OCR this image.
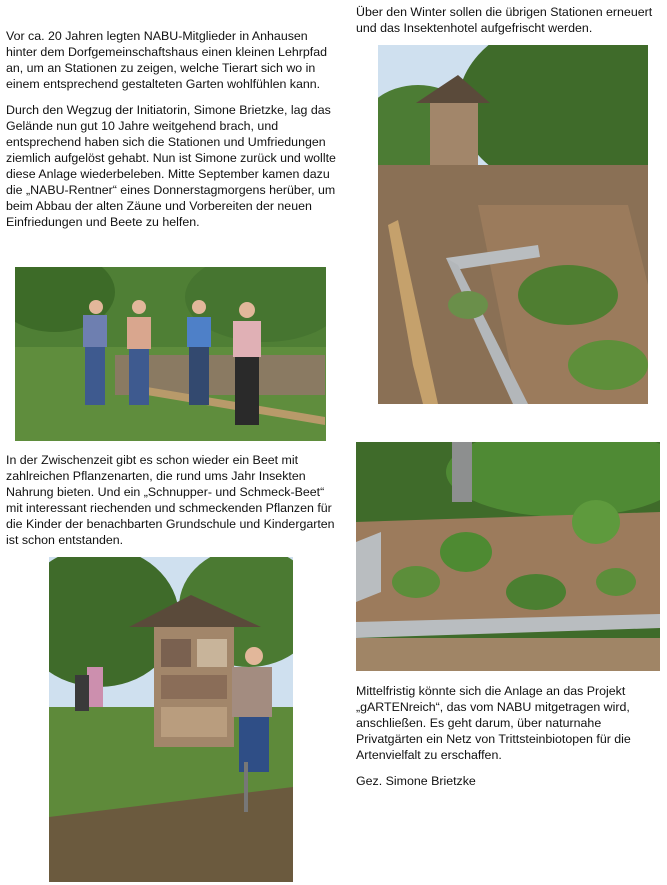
Vor ca. 20 Jahren legten NABU-Mitglieder in Anhausen hinter dem Dorfgemeinschaftshaus einen kleinen Lehrpfad an, um an Stationen zu zeigen, welche Tierart sich wo in einem entsprechend gestalteten Garten wohlfühlen kann.

Durch den Wegzug der Initiatorin, Simone Brietzke, lag das Gelände nun gut 10 Jahre weitgehend brach, und entsprechend haben sich die Stationen und Umfriedungen ziemlich aufgelöst gehabt. Nun ist Simone zurück und wollte diese Anlage wiederbeleben. Mitte September kamen dazu die „NABU-Rentner“ eines Donnerstagmorgens herüber, um beim Abbau der alten Zäune und Vorbereiten der neuen Einfriedungen und Beete zu helfen.

In der Zwischenzeit gibt es schon wieder ein Beet mit zahlreichen Pflanzenarten, die rund ums Jahr Insekten Nahrung bieten. Und ein „Schnupper- und Schmeck-Beet“ mit interessant riechenden und schmeckenden Pflanzen für die Kinder der benachbarten Grundschule und Kindergarten ist schon entstanden.

Über den Winter sollen die übrigen Stationen erneuert und das Insektenhotel aufgefrischt werden.

Mittelfristig könnte sich die Anlage an das Projekt „gARTENreich“, das vom NABU mitgetragen wird, anschließen. Es geht darum, über naturnahe Privatgärten ein Netz von Trittsteinbiotopen für die Artenvielfalt zu erschaffen.

Gez. Simone Brietzke
